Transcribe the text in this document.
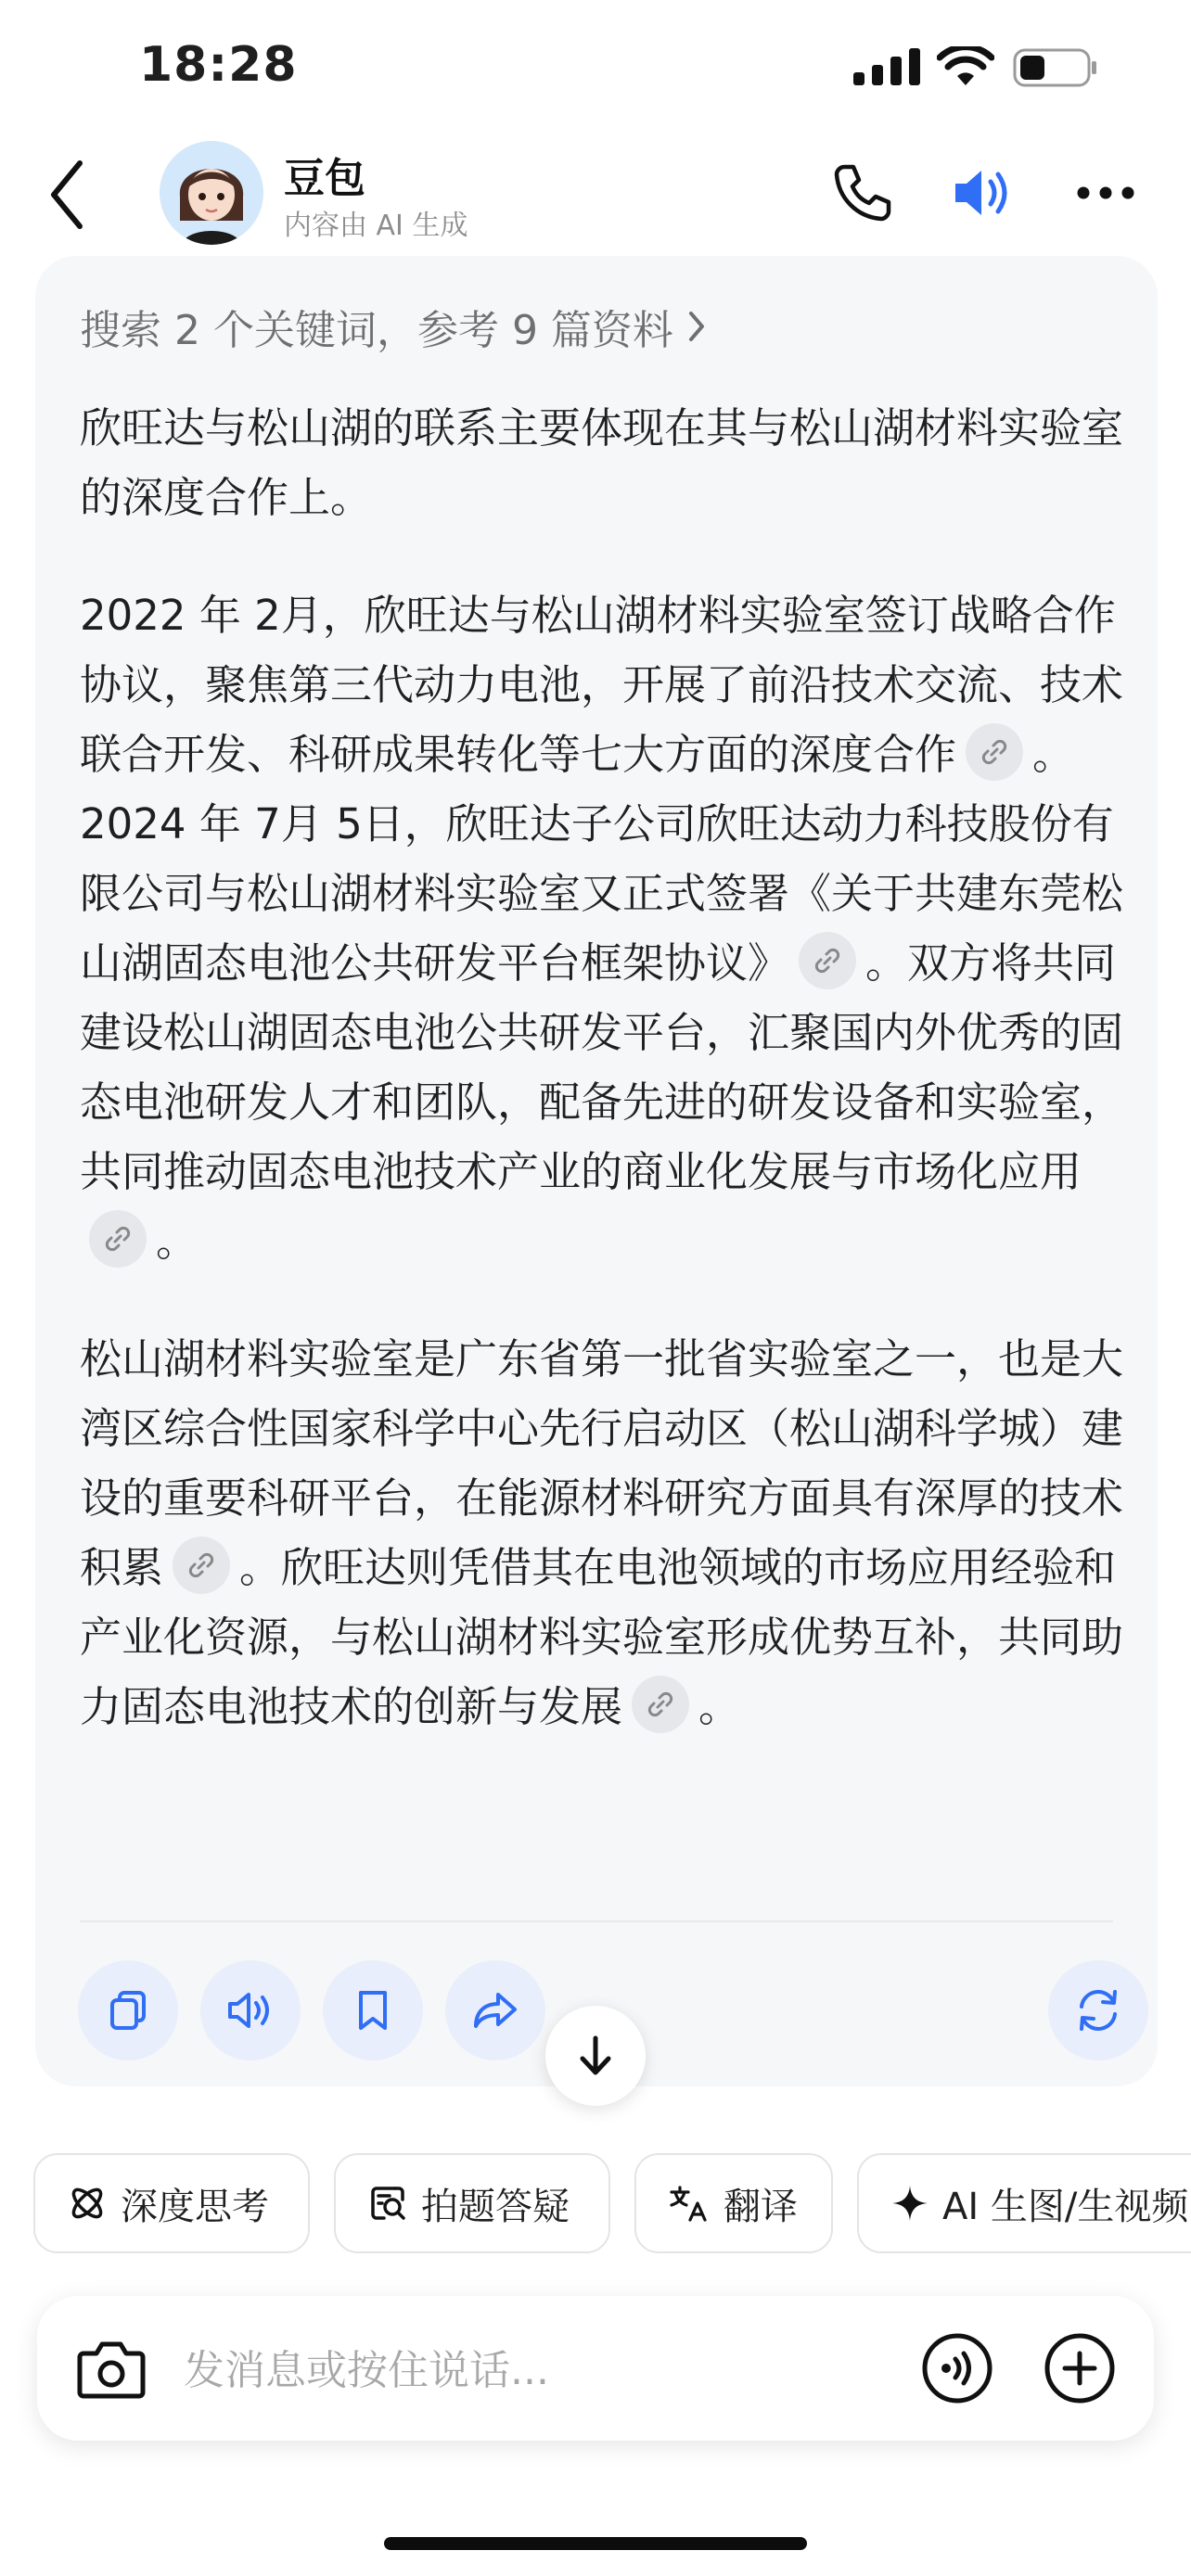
18:28
豆包
内容由 AI 生成
搜索 2 个关键词，参考 9 篇资料

欣旺达与松山湖的联系主要体现在其与松山湖材料实验室的深度合作上。

2022 年 2月，欣旺达与松山湖材料实验室签订战略合作协议，聚焦第三代动力电池，开展了前沿技术交流、技术联合开发、科研成果转化等七大方面的深度合作 。2024 年 7月 5日，欣旺达子公司欣旺达动力科技股份有限公司与松山湖材料实验室又正式签署《关于共建东莞松山湖固态电池公共研发平台框架协议》 。双方将共同建设松山湖固态电池公共研发平台，汇聚国内外优秀的固态电池研发人才和团队，配备先进的研发设备和实验室，共同推动固态电池技术产业的商业化发展与市场化应用
。

松山湖材料实验室是广东省第一批省实验室之一，也是大湾区综合性国家科学中心先行启动区（松山湖科学城）建设的重要科研平台，在能源材料研究方面具有深厚的技术积累 。欣旺达则凭借其在电池领域的市场应用经验和产业化资源，与松山湖材料实验室形成优势互补，共同助力固态电池技术的创新与发展 。

深度思考	拍题答疑	翻译	AI 生图/生视频
发消息或按住说话...
